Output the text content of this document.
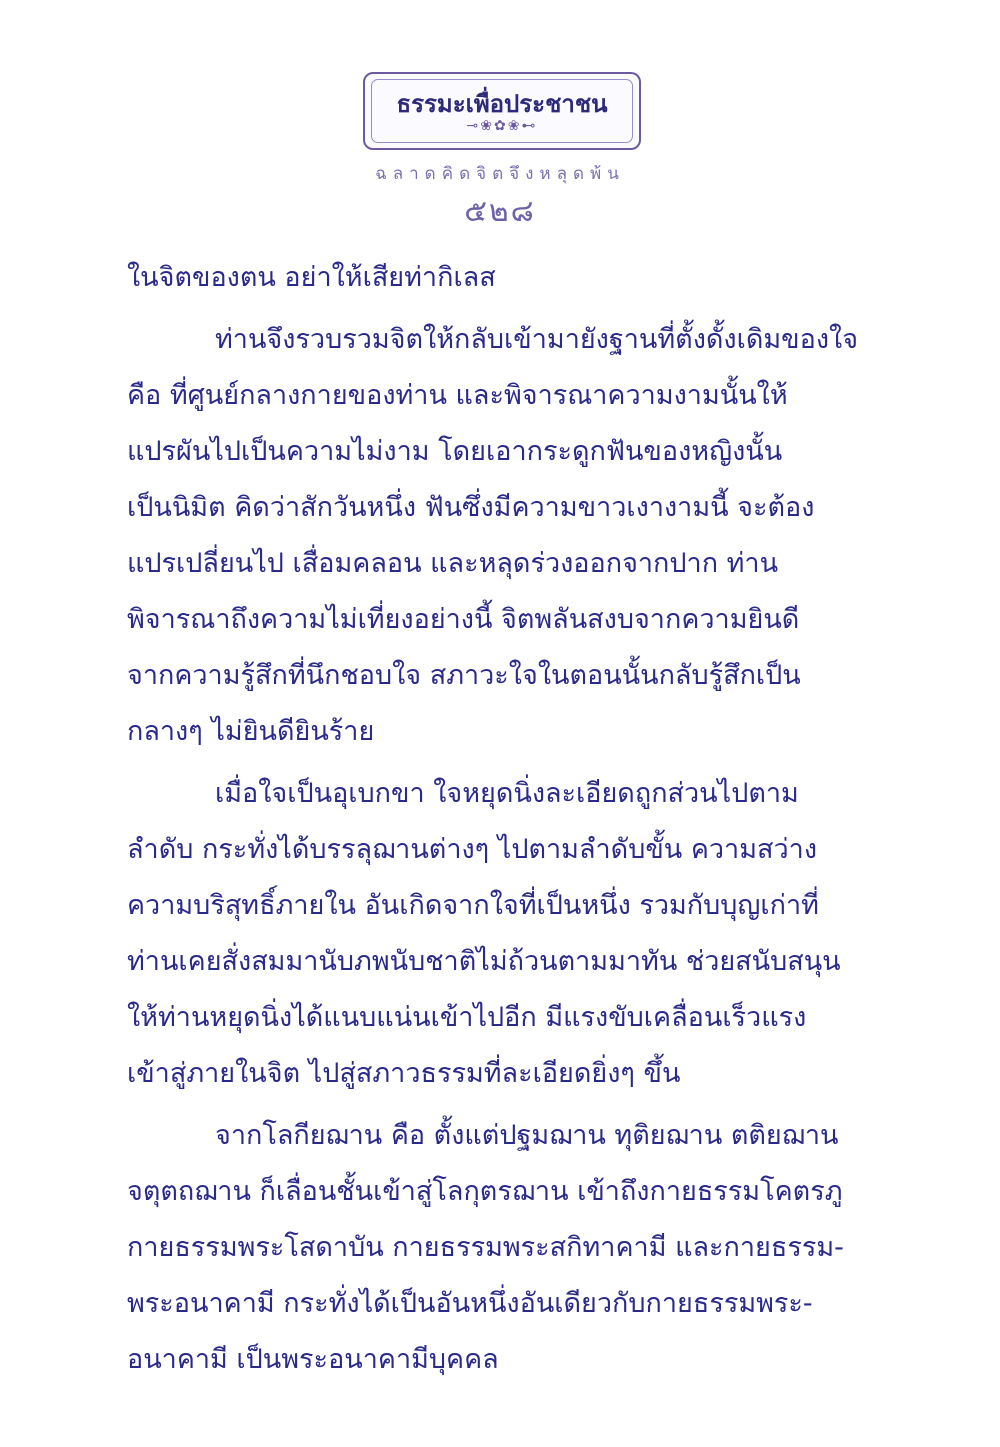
ธรรมะเพื่อประชาชน
⊸❀✿❀⊷
ฉลาดคิดจิตจึงหลุดพ้น
๕๒๘
ในจิตของตน อย่าให้เสียท่ากิเลส
ท่านจึงรวบรวมจิตให้กลับเข้ามายังฐานที่ตั้งดั้งเดิมของใจ
คือ ที่ศูนย์กลางกายของท่าน และพิจารณาความงามนั้นให้
แปรผันไปเป็นความไม่งาม โดยเอากระดูกฟันของหญิงนั้น
เป็นนิมิต คิดว่าสักวันหนึ่ง ฟันซึ่งมีความขาวเงางามนี้ จะต้อง
แปรเปลี่ยนไป เสื่อมคลอน และหลุดร่วงออกจากปาก ท่าน
พิจารณาถึงความไม่เที่ยงอย่างนี้ จิตพลันสงบจากความยินดี
จากความรู้สึกที่นึกชอบใจ สภาวะใจในตอนนั้นกลับรู้สึกเป็น
กลางๆ ไม่ยินดียินร้าย
เมื่อใจเป็นอุเบกขา ใจหยุดนิ่งละเอียดถูกส่วนไปตาม
ลำดับ กระทั่งได้บรรลุฌานต่างๆ ไปตามลำดับขั้น ความสว่าง
ความบริสุทธิ์ภายใน อันเกิดจากใจที่เป็นหนึ่ง รวมกับบุญเก่าที่
ท่านเคยสั่งสมมานับภพนับชาติไม่ถ้วนตามมาทัน ช่วยสนับสนุน
ให้ท่านหยุดนิ่งได้แนบแน่นเข้าไปอีก มีแรงขับเคลื่อนเร็วแรง
เข้าสู่ภายในจิต ไปสู่สภาวธรรมที่ละเอียดยิ่งๆ ขึ้น
จากโลกียฌาน คือ ตั้งแต่ปฐมฌาน ทุติยฌาน ตติยฌาน
จตุตถฌาน ก็เลื่อนชั้นเข้าสู่โลกุตรฌาน เข้าถึงกายธรรมโคตรภู
กายธรรมพระโสดาบัน กายธรรมพระสกิทาคามี และกายธรรม-
พระอนาคามี กระทั่งได้เป็นอันหนึ่งอันเดียวกับกายธรรมพระ-
อนาคามี เป็นพระอนาคามีบุคคล
